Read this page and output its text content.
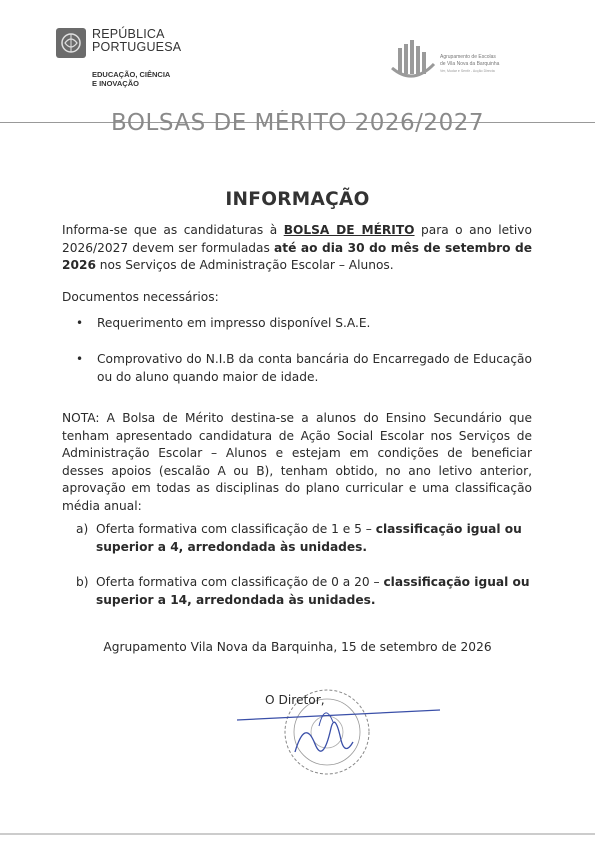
REPÚBLICA
PORTUGUESA
EDUCAÇÃO, CIÊNCIA
E INOVAÇÃO
Agrupamento de Escolas
de Vila Nova da Barquinha
Ver, Mudar e Sentir - Acção Directa
BOLSAS DE MÉRITO 2026/2027
INFORMAÇÃO

Informa-se que as candidaturas à BOLSA DE MÉRITO para o ano letivo 2026/2027 devem ser formuladas até ao dia 30 do mês de setembro de 2026 nos Serviços de Administração Escolar – Alunos.

Documentos necessários:
•	Requerimento em impresso disponível S.A.E.
•	Comprovativo do N.I.B da conta bancária do Encarregado de Educação ou do aluno quando maior de idade.

NOTA: A Bolsa de Mérito destina-se a alunos do Ensino Secundário que tenham apresentado candidatura de Ação Social Escolar nos Serviços de Administração Escolar – Alunos e estejam em condições de beneficiar desses apoios (escalão A ou B), tenham obtido, no ano letivo anterior, aprovação em todas as disciplinas do plano curricular e uma classificação média anual:

a) Oferta formativa com classificação de 1 e 5 – classificação igual ou superior a 4, arredondada às unidades.
b) Oferta formativa com classificação de 0 a 20 – classificação igual ou superior a 14, arredondada às unidades.
Agrupamento Vila Nova da Barquinha, 15 de setembro de 2026
O Diretor,
